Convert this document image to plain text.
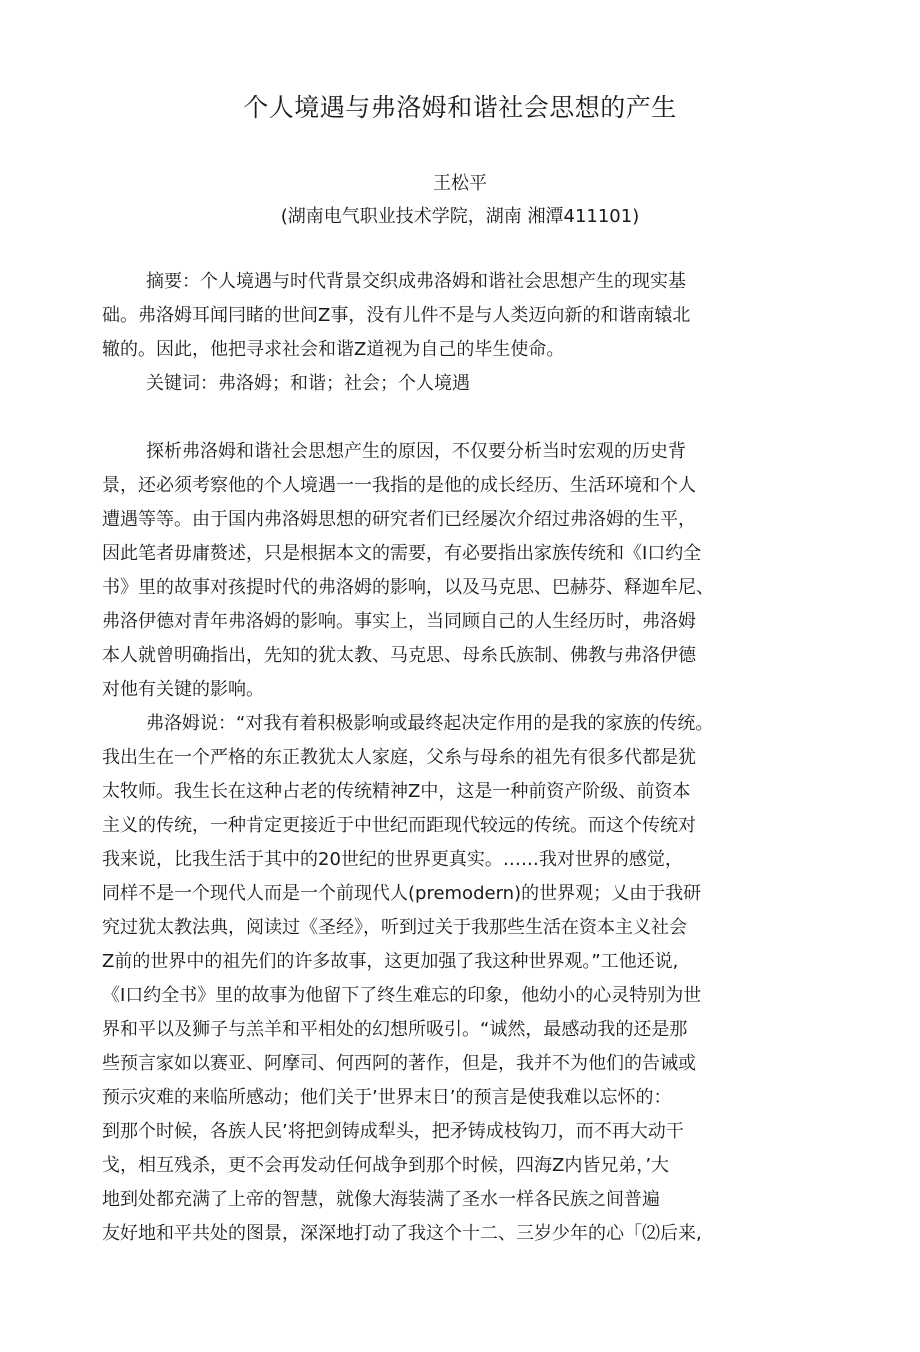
个人境遇与弗洛姆和谐社会思想的产生
王松平
(湖南电气职业技术学院，湖南 湘潭411101)
摘要：个人境遇与时代背景交织成弗洛姆和谐社会思想产生的现实基
础。弗洛姆耳闻冃睹的世间Z事，没有儿件不是与人类迈向新的和谐南辕北
辙的。因此，他把寻求社会和谐Z道视为自己的毕生使命。
关键词：弗洛姆；和谐；社会；个人境遇
探析弗洛姆和谐社会思想产生的原因，不仅要分析当时宏观的历史背
景，还必须考察他的个人境遇一一我指的是他的成长经历、生活环境和个人
遭遇等等。由于国内弗洛姆思想的研究者们已经屡次介绍过弗洛姆的生平，
因此笔者毋庸赘述，只是根据本文的需要，有必要指出家族传统和《I口约全
书》里的故事对孩提时代的弗洛姆的影响，以及马克思、巴赫芬、释迦牟尼、
弗洛伊德对青年弗洛姆的影响。事实上，当同顾自己的人生经历时，弗洛姆
本人就曾明确指出，先知的犹太教、马克思、母糸氏族制、佛教与弗洛伊德
对他有关键的影响。
弗洛姆说：“对我有着积极影响或最终起决定作用的是我的家族的传统。
我出生在一个严格的东正教犹太人家庭，父糸与母糸的祖先有很多代都是犹
太牧师。我生长在这种占老的传统精神Z中，这是一种前资产阶级、前资本
主义的传统，一种肯定更接近于中世纪而距现代较远的传统。而这个传统对
我来说，比我生活于其中的20世纪的世界更真实。……我对世界的感觉，
同样不是一个现代人而是一个前现代人(premodern)的世界观；乂由于我研
究过犹太教法典，阅读过《圣经》，听到过关于我那些生活在资本主义社会
Z前的世界中的祖先们的许多故事，这更加强了我这种世界观。”工他还说,
《I口约全书》里的故事为他留下了终生难忘的印象，他幼小的心灵特别为世
界和平以及狮子与羔羊和平相处的幻想所吸引。“诚然，最感动我的还是那
些预言家如以赛亚、阿摩司、何西阿的著作，但是，我并不为他们的告诫或
预示灾难的来临所感动；他们关于’世界末日’的预言是使我难以忘怀的：
到那个时候，各族人民’将把剑铸成犁头，把矛铸成枝钩刀，而不再大动干
戈，相互残杀，更不会再发动任何战争到那个时候，四海Z内皆兄弟，’大
地到处都充满了上帝的智慧，就像大海装满了圣水一样各民族之间普遍
友好地和平共处的图景，深深地打动了我这个十二、三岁少年的心「⑵后来,
